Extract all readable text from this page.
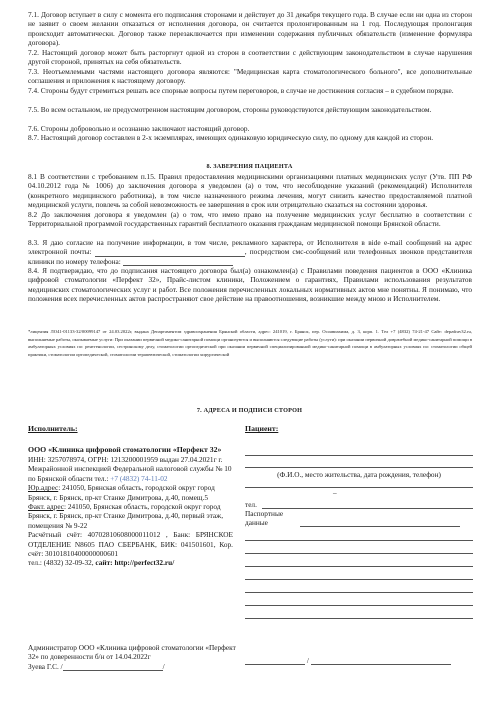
7.1. Договор вступает в силу с момента его подписания сторонами и действует до 31 декабря текущего года. В случае если ни одна из сторон не заявит о своем желании отказаться от исполнения договора, он считается пролонгированным на 1 год. Последующая пролонгация происходит автоматически. Договор также перезаключается при изменении содержания публичных обязательств (изменение формуляра договора).

7.2. Настоящий договор может быть расторгнут одной из сторон в соответствии с действующим законодательством в случае нарушения другой стороной, принятых на себя обязательств.

7.3. Неотъемлемыми частями настоящего договора являются: "Медицинская карта стоматологического больного", все дополнительные соглашения и приложения к настоящему договору.

7.4. Стороны будут стремиться решать все спорные вопросы путем переговоров, в случае не достижения согласия – в судебном порядке.

7.5. Во всем остальном, не предусмотренном настоящим договором, стороны руководствуются действующим законодательством.

7.6. Стороны добровольно и осознанно заключают настоящий договор.

8.7. Настоящий договор составлен в 2-х экземплярах, имеющих одинаковую юридическую силу, по одному для каждой из сторон.

8. ЗАВЕРЕНИЯ ПАЦИЕНТА

8.1 В соответствии с требованием п.15. Правил предоставления медицинскими организациями платных медицинских услуг (Утв. ПП РФ 04.10.2012 года № 1006) до заключения договора я уведомлен (а) о том, что несоблюдение указаний (рекомендаций) Исполнителя (конкретного медицинского работника), в том числе назначенного режима лечения, могут снизить качество предоставляемой платной медицинской услуги, повлечь за собой невозможность ее завершения в срок или отрицательно сказаться на состоянии здоровья.

8.2 До заключения договора я уведомлен (а) о том, что имею право на получение медицинских услуг бесплатно в соответствии с Территориальной программой государственных гарантий бесплатного оказания гражданам медицинской помощи Брянской области.

8.3. Я даю согласие на получение информации, в том числе, рекламного характера, от Исполнителя в вide e-mail сообщений на адрес электронной почты:	, посредством смс-сообщений или телефонных звонков представителя клиники по номеру телефона:

8.4. Я подтверждаю, что до подписания настоящего договора был(а) ознакомлен(а) с Правилами поведения пациентов в ООО «Клиника цифровой стоматологии «Перфект 32», Прайс-листом клиники, Положением о гарантиях, Правилами использования результатов медицинских стоматологических услуг и работ. Все положения перечисленных локальных нормативных актов мне понятны. Я понимаю, что положения всех перечисленных актов распространяют свое действие на правоотношения, возникшие между мною и Исполнителем.

*лицензия ЛО41-01133-32/00099147 от 24.03.2022г, выдана Департаментом здравоохранения Брянской области, адрес: 241019, г. Брянск, пер. Осоавиахима, д. 3, корп. 1. Тел +7 (4832) 74-21-47 Сайт: depzdrav32.ru, выполняемые работы, оказываемые услуги: При оказании первичной медико-санитарной помощи организуются и выполняются следующие работы (услуги): при оказании первичной доврачебной медико-санитарной помощи в амбулаторных условиях по: рентгенологии, сестринскому делу, стоматологии ортопедической при оказании первичной специализированной медико-санитарной помощи в амбулаторных условиях по: стоматологии общей практики, стоматологии ортопедической, стоматологии терапевтической, стоматологии хирургической

7. АДРЕСА И ПОДПИСИ СТОРОН
Исполнитель:	Пациент:

ООО «Клиника цифровой стоматологии «Перфект 32»

ИНН: 3257078974, ОГРН: 1213200001959 выдан 27.04.2021г г. Межрайонной инспекцией Федеральной налоговой службы № 10 по Брянской области тел.: +7 (4832) 74-11-02

Юр.адрес: 241050, Брянская область, городской округ город Брянск, г. Брянск, пр-кт Станке Димитрова, д.40, помещ.5

Факт. адрес: 241050, Брянская область, городской округ город Брянск, г. Брянск, пр-кт Станке Димитрова, д.40, первый этаж, помещения № 9-22

Расчётный счёт: 40702810608000011012 , Банк: БРЯНСКОЕ ОТДЕЛЕНИЕ N8605 ПАО СБЕРБАНК, БИК: 041501601, Кор. счёт: 30101810400000000601

тел.: (4832) 32-09-32, сайт: http://perfect32.ru/

Администратор ООО «Клиника цифровой стоматологии «Перфект 32» по доверенности б/н от 14.04.2022г

Зуева Г.С. /	/

(Ф.И.О., место жительства, дата рождения, телефон)
_
тел.
Паспортные данные
/
